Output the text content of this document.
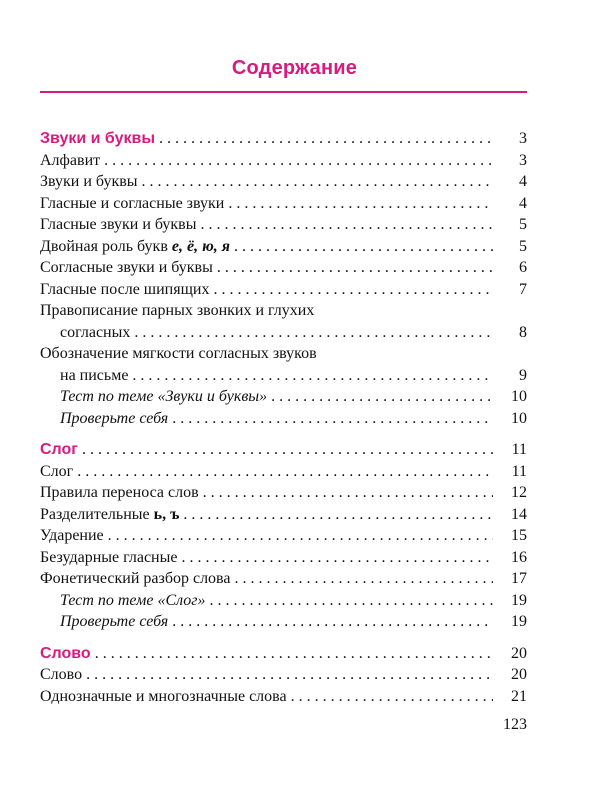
Содержание
Звуки и буквы . . .	3
Алфавит . . .	3
Звуки и буквы . . .	4
Гласные и согласные звуки . . .	4
Гласные звуки и буквы . . .	5
Двойная роль букв е, ё, ю, я . . .	5
Согласные звуки и буквы . . .	6
Гласные после шипящих . . .	7
Правописание парных звонких и глухих
согласных . . .	8
Обозначение мягкости согласных звуков
на письме . . .	9
Тест по теме «Звуки и буквы» . . .	10
Проверьте себя . . .	10
Слог . . .	11
Слог . . .	11
Правила переноса слов . . .	12
Разделительные ь, ъ . . .	14
Ударение . . .	15
Безударные гласные . . .	16
Фонетический разбор слова . . .	17
Тест по теме «Слог» . . .	19
Проверьте себя . . .	19
Слово . . .	20
Слово . . .	20
Однозначные и многозначные слова . . .	21
123
